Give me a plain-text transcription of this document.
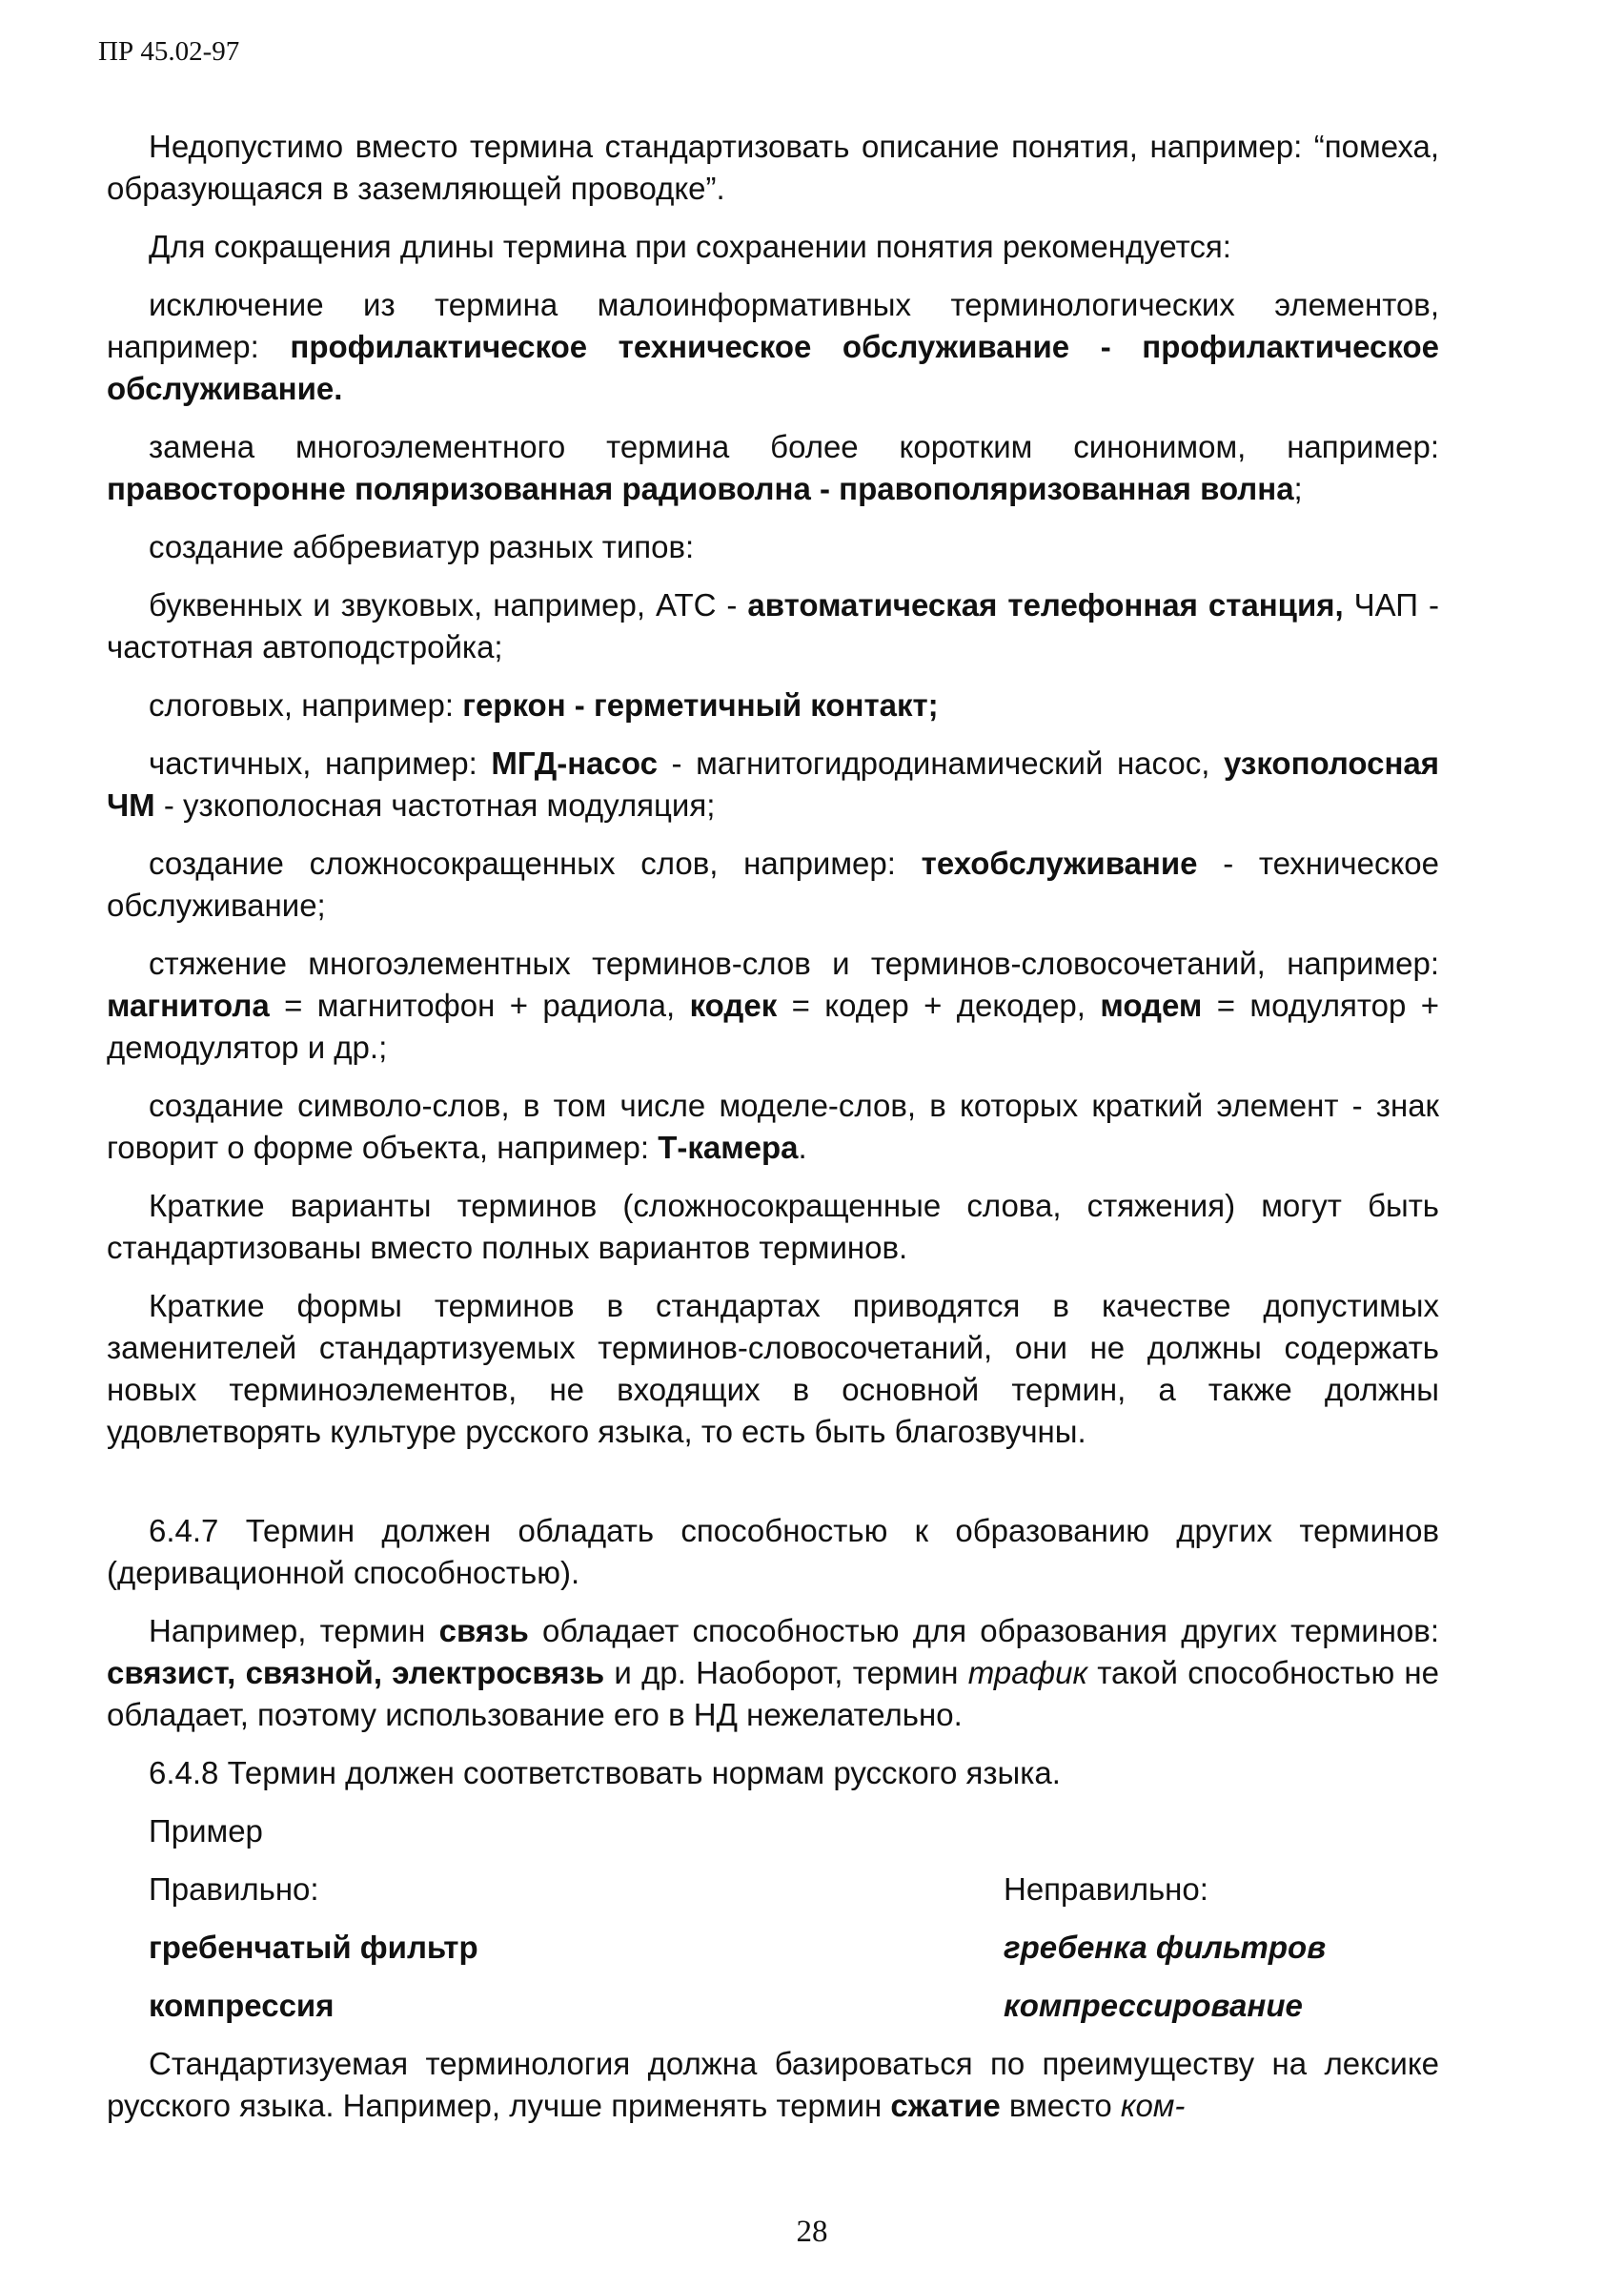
ПР 45.02-97

Недопустимо вместо термина стандартизовать описание понятия, например: “помеха, образующаяся в заземляющей проводке”.

Для сокращения длины термина при сохранении понятия рекомендуется:

исключение из термина малоинформативных терминологических элементов, например: профилактическое техническое обслуживание - профилактическое обслуживание.

замена многоэлементного термина более коротким синонимом, например: правосторонне поляризованная радиоволна - правополяризованная волна;

создание аббревиатур разных типов:

буквенных и звуковых, например, АТС - автоматическая телефонная станция, ЧАП - частотная автоподстройка;

слоговых, например: геркон - герметичный контакт;

частичных, например: МГД-насос - магнитогидродинамический насос, узкополосная ЧМ - узкополосная частотная модуляция;

создание сложносокращенных слов, например: техобслуживание - техническое обслуживание;

стяжение многоэлементных терминов-слов и терминов-словосочетаний, например: магнитола = магнитофон + радиола, кодек = кодер + декодер, модем = модулятор + демодулятор и др.;

создание символо-слов, в том числе моделе-слов, в которых краткий элемент - знак говорит о форме объекта, например: Т-камера.

Краткие варианты терминов (сложносокращенные слова, стяжения) могут быть стандартизованы вместо полных вариантов терминов.

Краткие формы терминов в стандартах приводятся в качестве допустимых заменителей стандартизуемых терминов-словосочетаний, они не должны содержать новых терминоэлементов, не входящих в основной термин, а также должны удовлетворять культуре русского языка, то есть быть благозвучны.

6.4.7 Термин должен обладать способностью к образованию других терминов (деривационной способностью).

Например, термин связь обладает способностью для образования других терминов: связист, связной, электросвязь и др. Наоборот, термин трафик такой способностью не обладает, поэтому использование его в НД нежелательно.

6.4.8 Термин должен соответствовать нормам русского языка.

Пример
Правильно:	Неправильно:
гребенчатый фильтр	гребенка фильтров
компрессия	компрессирование

Стандартизуемая терминология должна базироваться по преимуществу на лексике русского языка. Например, лучше применять термин сжатие вместо ком-

28
